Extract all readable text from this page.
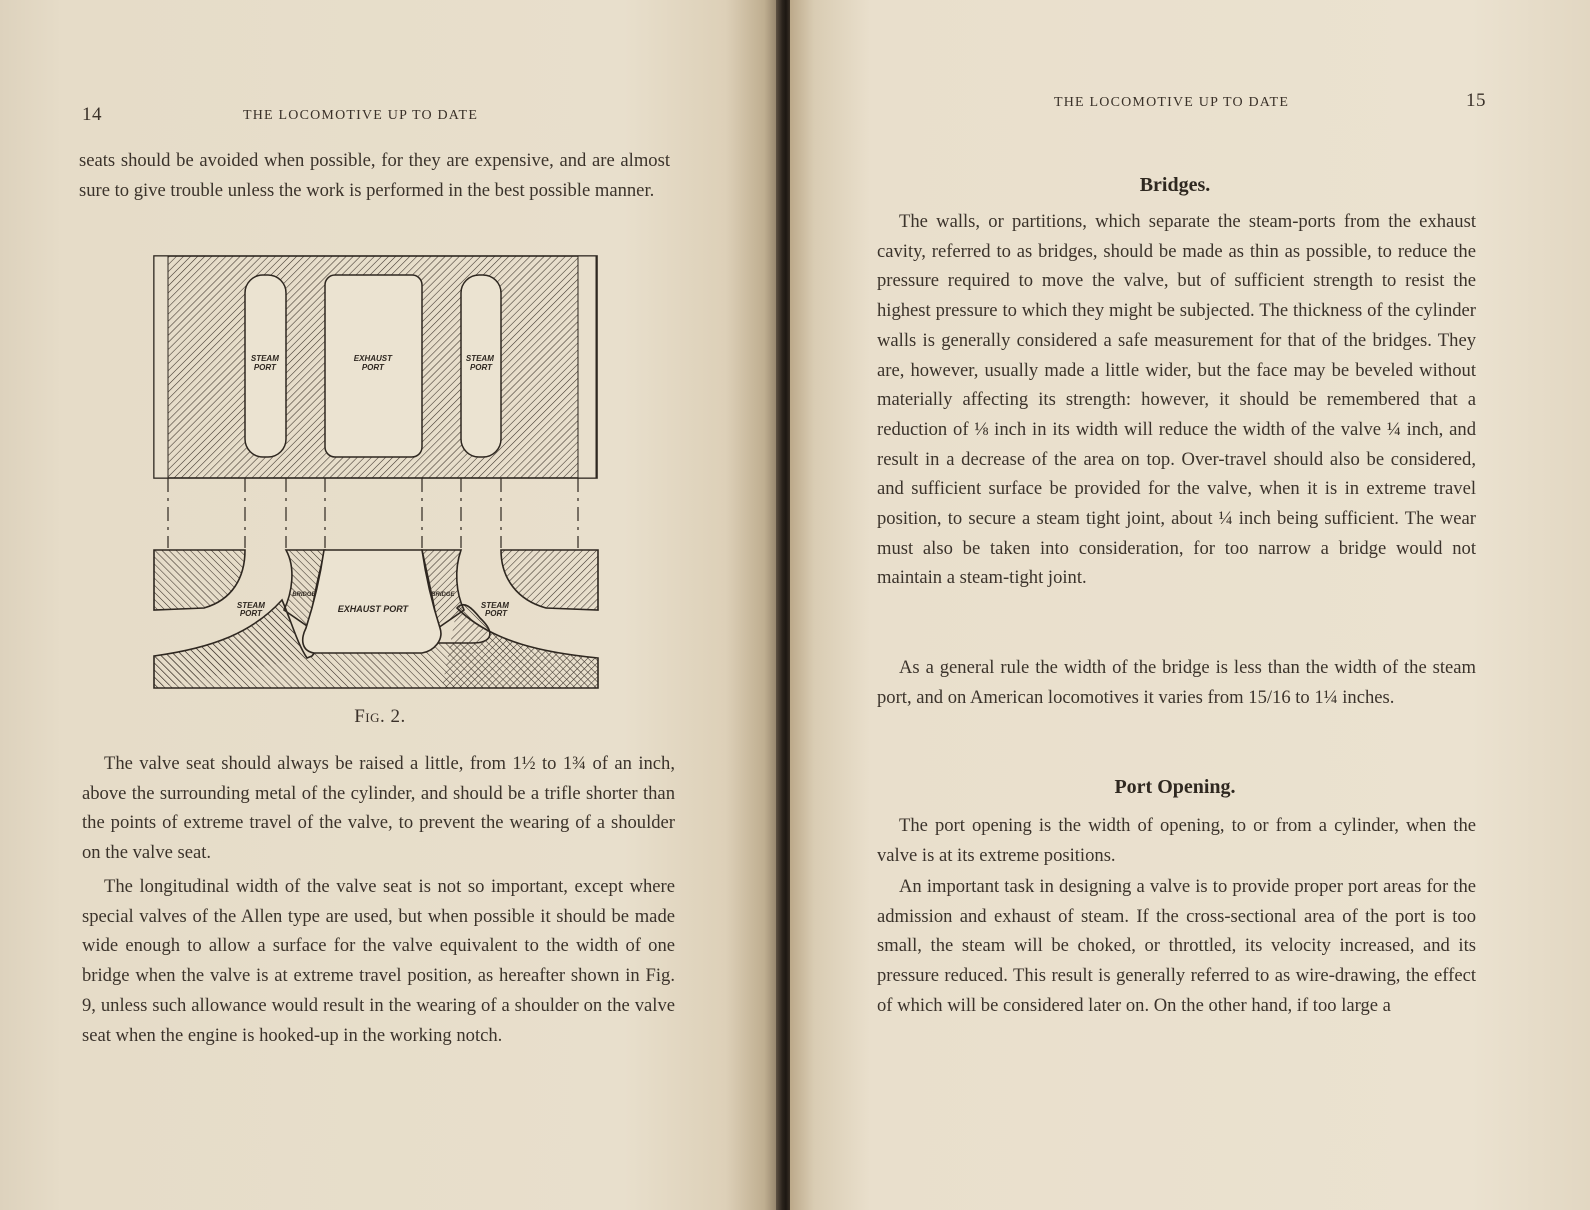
14	THE LOCOMOTIVE UP TO DATE

seats should be avoided when possible, for they are expensive, and are almost sure to give trouble unless the work is performed in the best possible manner.

STEAM PORT EXHAUST PORT STEAM PORT
STEAM PORT BRIDGE EXHAUST PORT BRIDGE STEAM PORT
Fig. 2.

The valve seat should always be raised a little, from 1½ to 1¾ of an inch, above the surrounding metal of the cylinder, and should be a trifle shorter than the points of extreme travel of the valve, to prevent the wearing of a shoulder on the valve seat.

The longitudinal width of the valve seat is not so important, except where special valves of the Allen type are used, but when possible it should be made wide enough to allow a surface for the valve equivalent to the width of one bridge when the valve is at extreme travel position, as hereafter shown in Fig. 9, unless such allowance would result in the wearing of a shoulder on the valve seat when the engine is hooked-up in the working notch.

THE LOCOMOTIVE UP TO DATE	15
Bridges.

The walls, or partitions, which separate the steam-ports from the exhaust cavity, referred to as bridges, should be made as thin as possible, to reduce the pressure required to move the valve, but of sufficient strength to resist the highest pressure to which they might be subjected. The thickness of the cylinder walls is generally considered a safe measurement for that of the bridges. They are, however, usually made a little wider, but the face may be beveled without materially affecting its strength: however, it should be remembered that a reduction of ⅛ inch in its width will reduce the width of the valve ¼ inch, and result in a decrease of the area on top. Over-travel should also be considered, and sufficient surface be provided for the valve, when it is in extreme travel position, to secure a steam tight joint, about ¼ inch being sufficient. The wear must also be taken into consideration, for too narrow a bridge would not maintain a steam-tight joint.

As a general rule the width of the bridge is less than the width of the steam port, and on American locomotives it varies from 15/16 to 1¼ inches.

Port Opening.

The port opening is the width of opening, to or from a cylinder, when the valve is at its extreme positions.

An important task in designing a valve is to provide proper port areas for the admission and exhaust of steam. If the cross-sectional area of the port is too small, the steam will be choked, or throttled, its velocity increased, and its pressure reduced. This result is generally referred to as wire-drawing, the effect of which will be considered later on. On the other hand, if too large a
